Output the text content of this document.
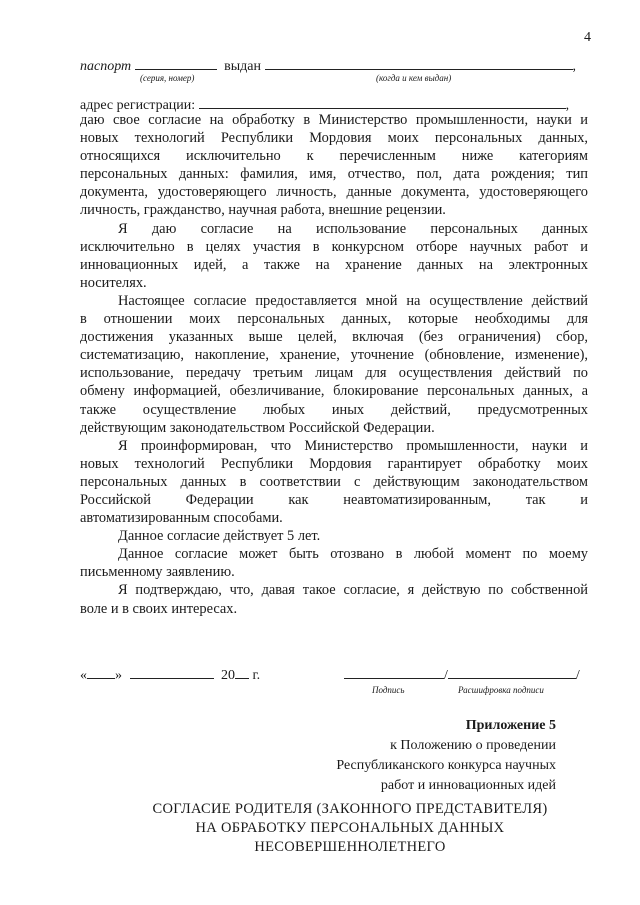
4
паспорт	выдан	,
(серия, номер)	(когда и кем выдан)
адрес регистрации:	,

даю свое согласие на обработку в Министерство промышленности, науки и

новых технологий Республики Мордовия моих персональных данных,

относящихся исключительно к перечисленным ниже категориям

персональных данных: фамилия, имя, отчество, пол, дата рождения; тип

документа, удостоверяющего личность, данные документа, удостоверяющего

личность, гражданство, научная работа, внешние рецензии.

Я даю согласие на использование персональных данных

исключительно в целях участия в конкурсном отборе научных работ и

инновационных идей, а также на хранение данных на электронных

носителях.

Настоящее согласие предоставляется мной на осуществление действий

в отношении моих персональных данных, которые необходимы для

достижения указанных выше целей, включая (без ограничения) сбор,

систематизацию, накопление, хранение, уточнение (обновление, изменение),

использование, передачу третьим лицам для осуществления действий по

обмену информацией, обезличивание, блокирование персональных данных, а

также осуществление любых иных действий, предусмотренных

действующим законодательством Российской Федерации.

Я проинформирован, что Министерство промышленности, науки и

новых технологий Республики Мордовия гарантирует обработку моих

персональных данных в соответствии с действующим законодательством

Российской Федерации как неавтоматизированным, так и

автоматизированным способами.

Данное согласие действует 5 лет.

Данное согласие может быть отозвано в любой момент по моему

письменному заявлению.

Я подтверждаю, что, давая такое согласие, я действую по собственной

воле и в своих интересах.

« »	20 г.	/	/
Подпись	Расшифровка подписи
Приложение 5
к Положению о проведении
Республиканского конкурса научных
работ и инновационных идей
СОГЛАСИЕ РОДИТЕЛЯ (ЗАКОННОГО ПРЕДСТАВИТЕЛЯ)
НА ОБРАБОТКУ ПЕРСОНАЛЬНЫХ ДАННЫХ
НЕСОВЕРШЕННОЛЕТНЕГО
